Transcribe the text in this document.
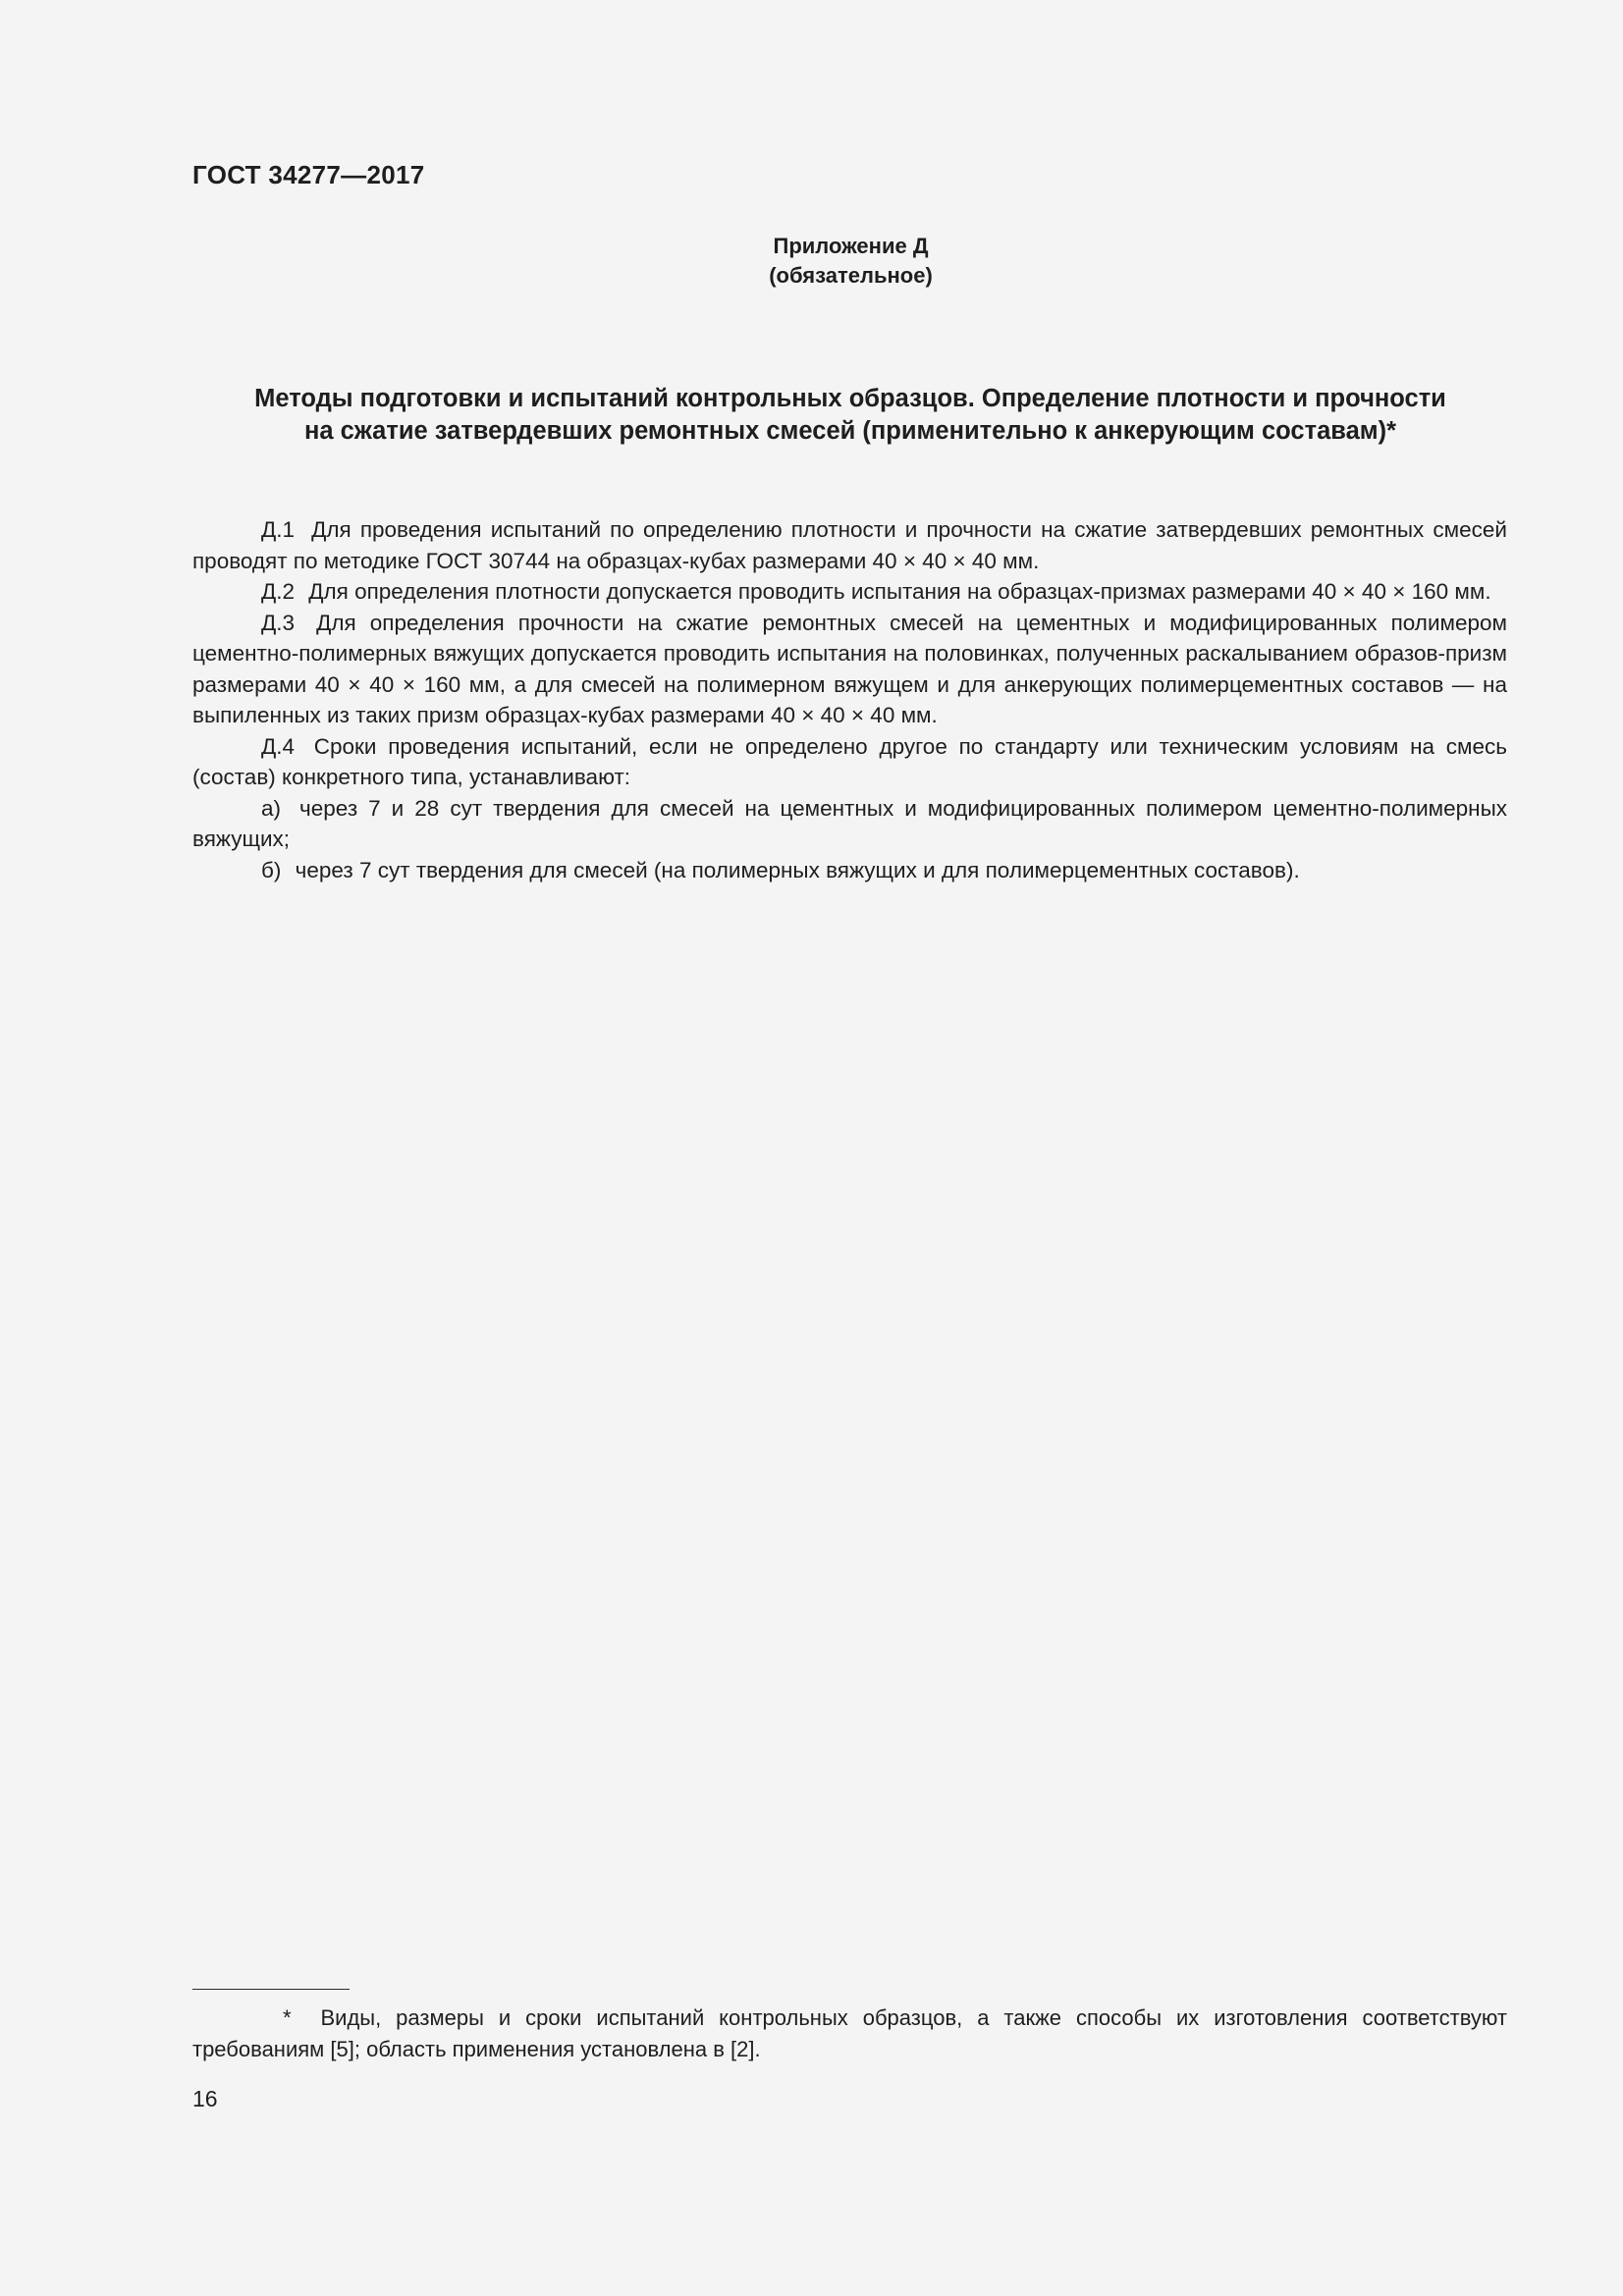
ГОСТ 34277—2017
Приложение Д
(обязательное)
Методы подготовки и испытаний контрольных образцов. Определение плотности и прочности
на сжатие затвердевших ремонтных смесей (применительно к анкерующим составам)*

Д.1 Для проведения испытаний по определению плотности и прочности на сжатие затвердевших ремонтных смесей проводят по методике ГОСТ 30744 на образцах-кубах размерами 40 × 40 × 40 мм.

Д.2 Для определения плотности допускается проводить испытания на образцах-призмах размерами 40 × 40 × 160 мм.

Д.3 Для определения прочности на сжатие ремонтных смесей на цементных и модифицированных полимером цементно-полимерных вяжущих допускается проводить испытания на половинках, полученных раскалыванием образов-призм размерами 40 × 40 × 160 мм, а для смесей на полимерном вяжущем и для анкерующих полимерцементных составов — на выпиленных из таких призм образцах-кубах размерами 40 × 40 × 40 мм.

Д.4 Сроки проведения испытаний, если не определено другое по стандарту или техническим условиям на смесь (состав) конкретного типа, устанавливают:

а) через 7 и 28 сут твердения для смесей на цементных и модифицированных полимером цементно-полимерных вяжущих;

б) через 7 сут твердения для смесей (на полимерных вяжущих и для полимерцементных составов).

* Виды, размеры и сроки испытаний контрольных образцов, а также способы их изготовления соответствуют требованиям [5]; область применения установлена в [2].
16
